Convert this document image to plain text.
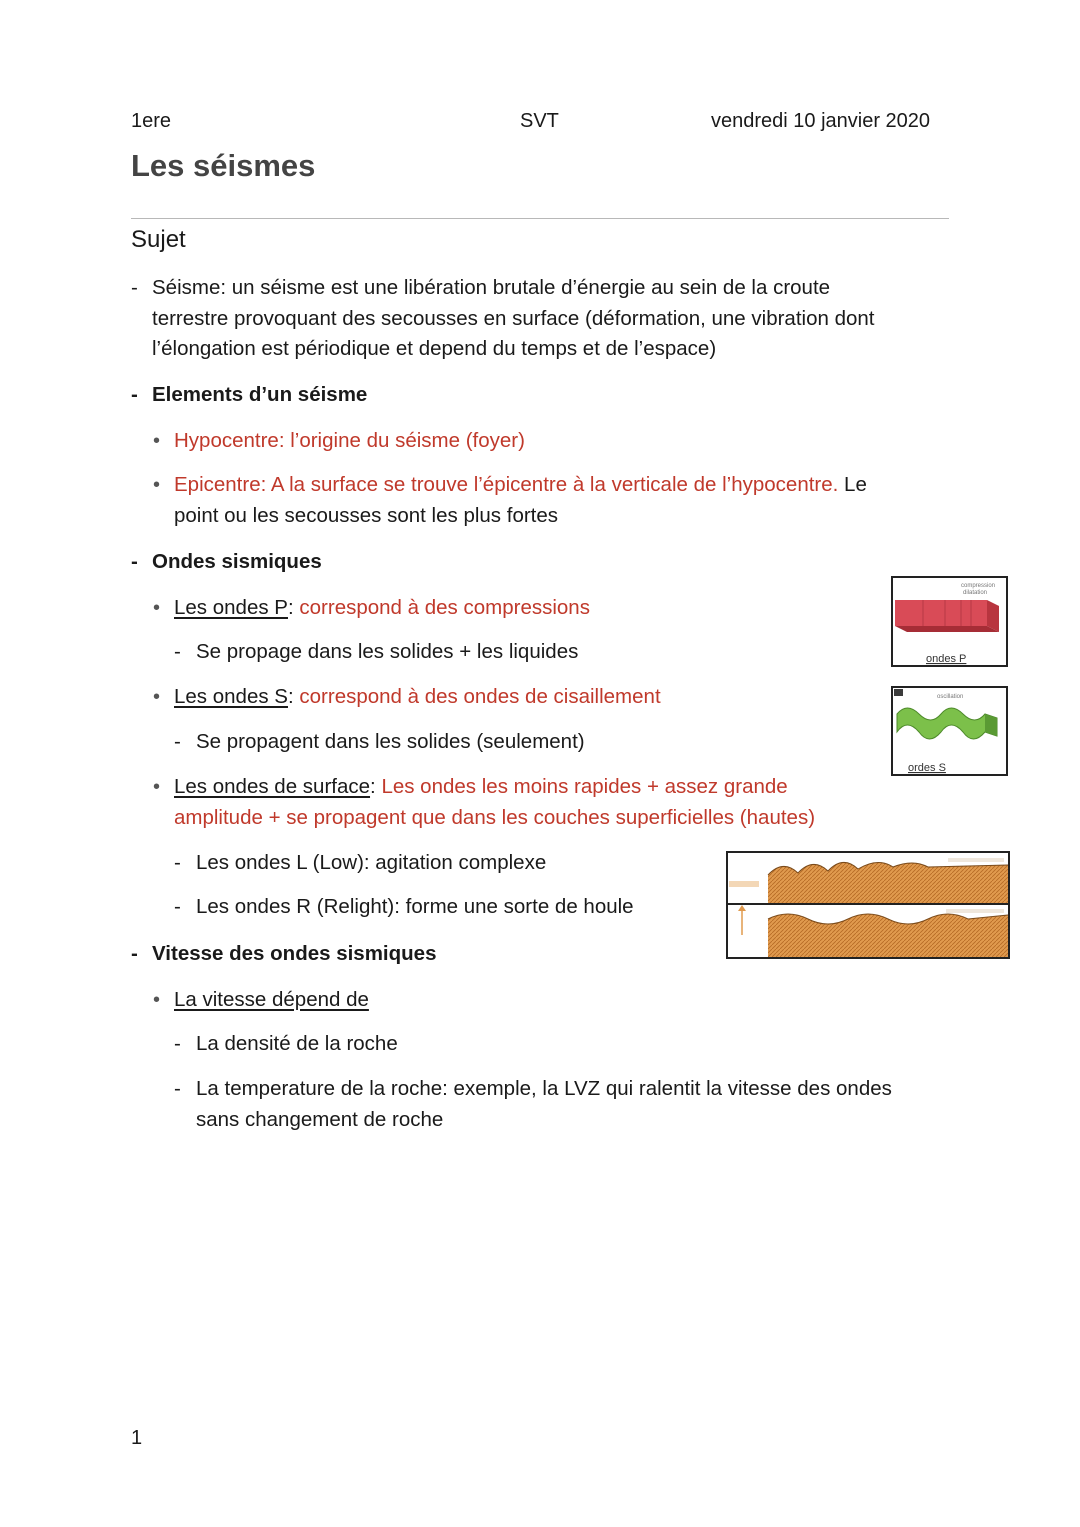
1ere	SVT	vendredi 10 janvier 2020
Les séismes
Sujet
- Séisme: un séisme est une libération brutale d’énergie au sein de la croute
terrestre provoquant des secousses en surface (déformation, une vibration dont
l’élongation est périodique et depend du temps et de l’espace)
- Elements d’un séisme
• Hypocentre: l’origine du séisme (foyer)
• Epicentre: A la surface se trouve l’épicentre à la verticale de l’hypocentre. Le
point ou les secousses sont les plus fortes
- Ondes sismiques
• Les ondes P: correspond à des compressions
- Se propage dans les solides + les liquides
• Les ondes S: correspond à des ondes de cisaillement
- Se propagent dans les solides (seulement)
• Les ondes de surface: Les ondes les moins rapides + assez grande
amplitude + se propagent que dans les couches superficielles (hautes)
- Les ondes L (Low): agitation complexe
- Les ondes R (Relight): forme une sorte de houle
- Vitesse des ondes sismiques
• La vitesse dépend de
- La densité de la roche
- La temperature de la roche: exemple, la LVZ qui ralentit la vitesse des ondes
sans changement de roche
compression
dilatation
ondes P
oscillation
ordes S
1
